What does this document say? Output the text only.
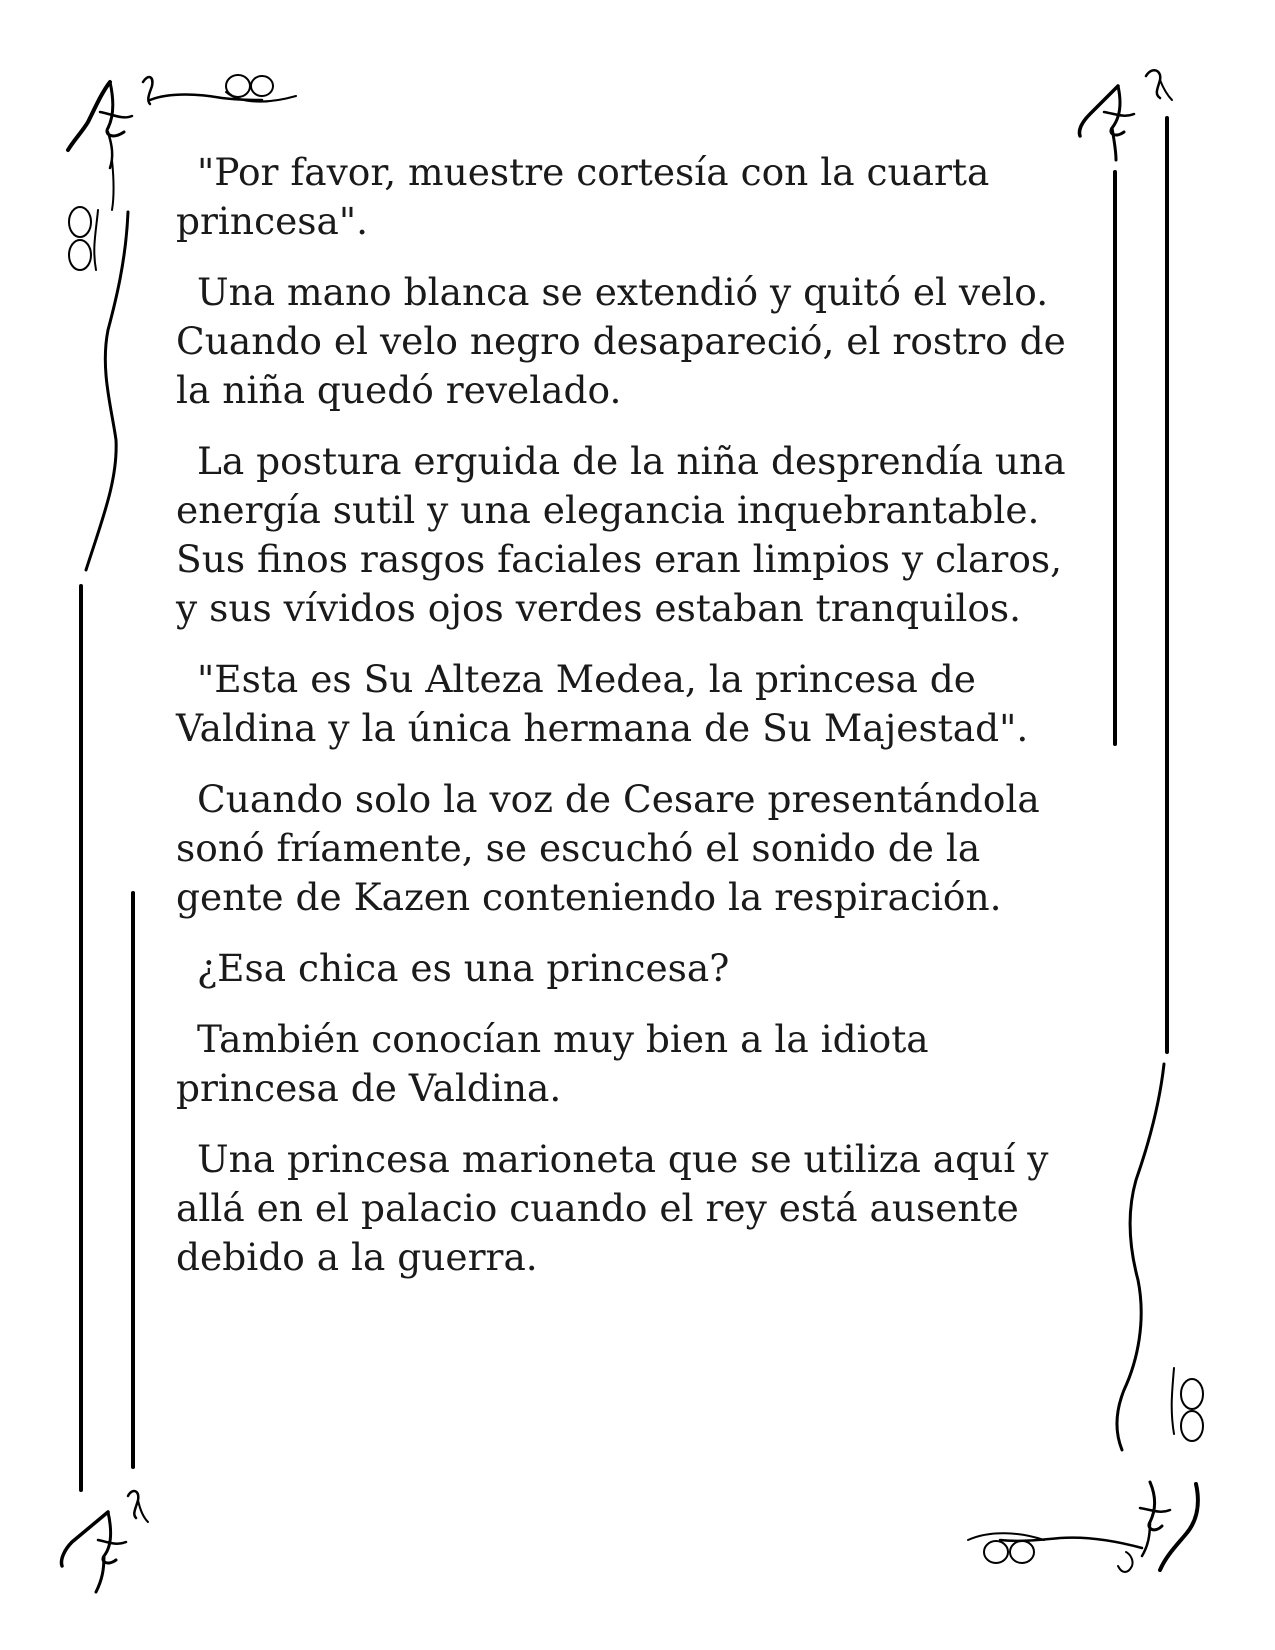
"Por favor, muestre cortesía con la cuarta princesa".

Una mano blanca se extendió y quitó el velo. Cuando el velo negro desapareció, el rostro de la niña quedó revelado.

La postura erguida de la niña desprendía una energía sutil y una elegancia inquebrantable. Sus finos rasgos faciales eran limpios y claros, y sus vívidos ojos verdes estaban tranquilos.

"Esta es Su Alteza Medea, la princesa de Valdina y la única hermana de Su Majestad".

Cuando solo la voz de Cesare presentándola sonó fríamente, se escuchó el sonido de la gente de Kazen conteniendo la respiración.

¿Esa chica es una princesa?

También conocían muy bien a la idiota princesa de Valdina.

Una princesa marioneta que se utiliza aquí y allá en el palacio cuando el rey está ausente debido a la guerra.
